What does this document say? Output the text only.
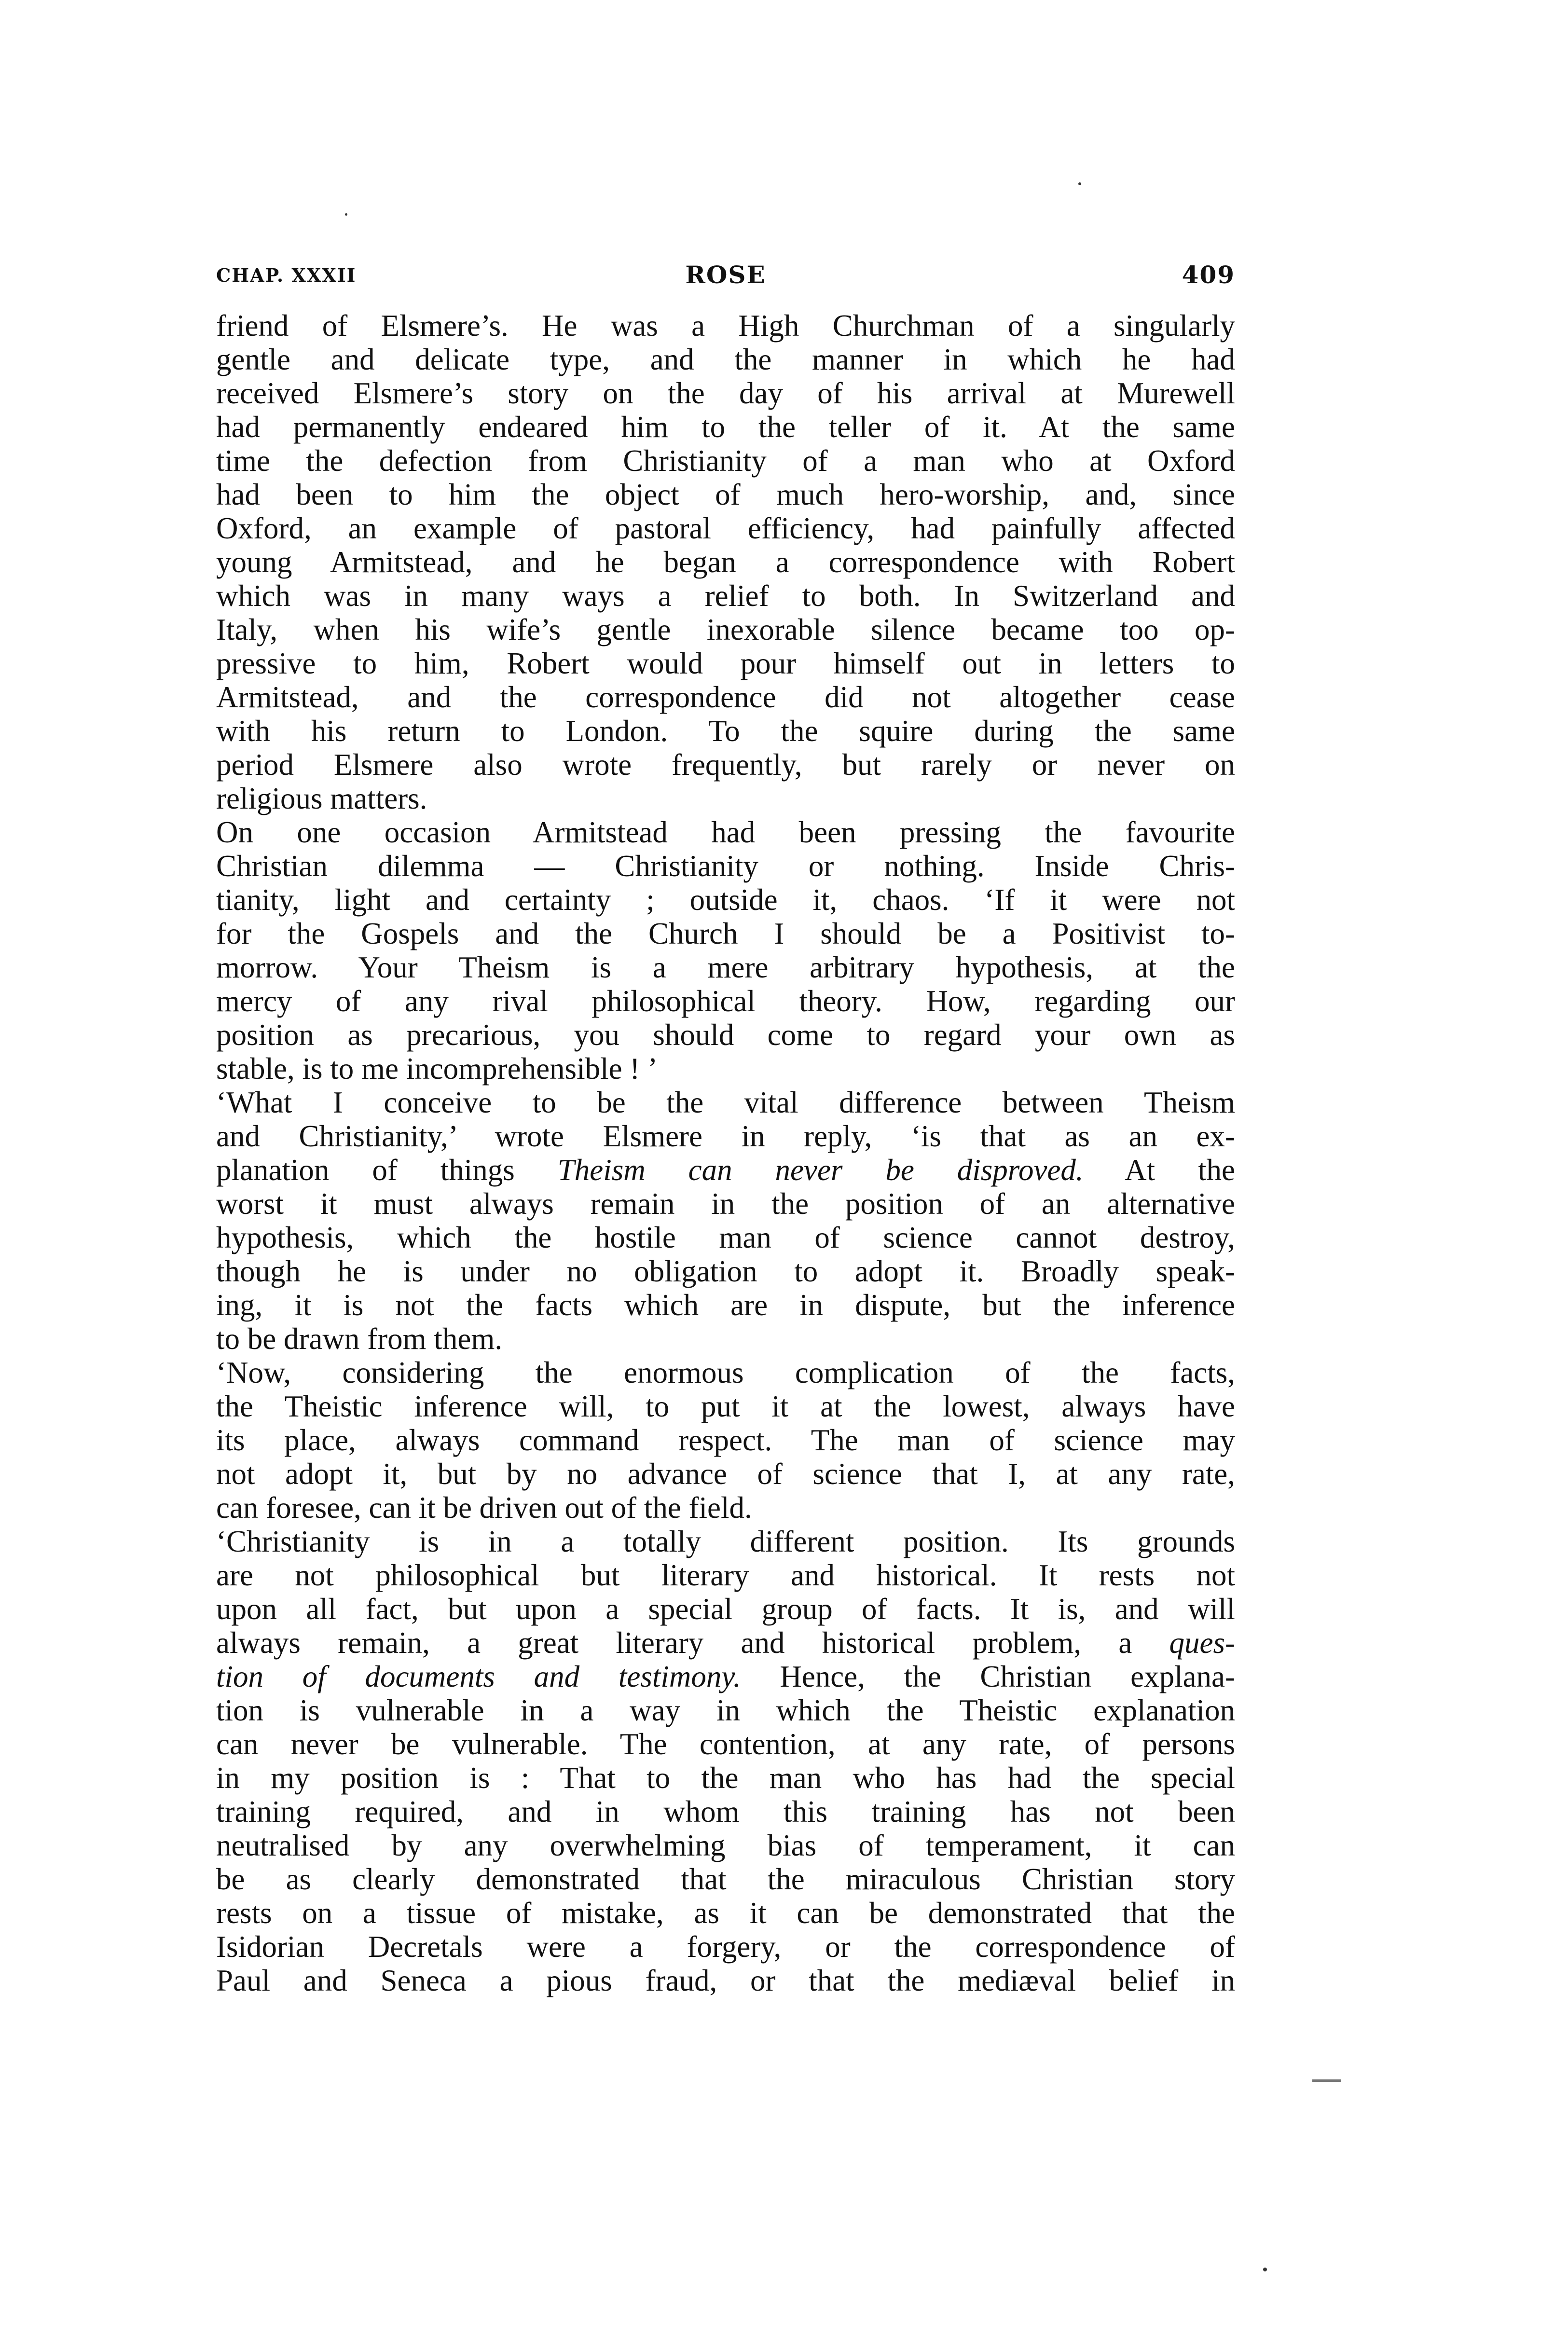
CHAP. XXXII	ROSE	409
friend of Elsmere’s. He was a High Churchman of a singularly
gentle and delicate type, and the manner in which he had
received Elsmere’s story on the day of his arrival at Murewell
had permanently endeared him to the teller of it. At the same
time the defection from Christianity of a man who at Oxford
had been to him the object of much hero-worship, and, since
Oxford, an example of pastoral efficiency, had painfully affected
young Armitstead, and he began a correspondence with Robert
which was in many ways a relief to both. In Switzerland and
Italy, when his wife’s gentle inexorable silence became too op-
pressive to him, Robert would pour himself out in letters to
Armitstead, and the correspondence did not altogether cease
with his return to London. To the squire during the same
period Elsmere also wrote frequently, but rarely or never on
religious matters.
On one occasion Armitstead had been pressing the favourite
Christian dilemma — Christianity or nothing. Inside Chris-
tianity, light and certainty ; outside it, chaos. ‘If it were not
for the Gospels and the Church I should be a Positivist to-
morrow. Your Theism is a mere arbitrary hypothesis, at the
mercy of any rival philosophical theory. How, regarding our
position as precarious, you should come to regard your own as
stable, is to me incomprehensible ! ’
‘What I conceive to be the vital difference between Theism
and Christianity,’ wrote Elsmere in reply, ‘is that as an ex-
planation of things Theism can never be disproved. At the
worst it must always remain in the position of an alternative
hypothesis, which the hostile man of science cannot destroy,
though he is under no obligation to adopt it. Broadly speak-
ing, it is not the facts which are in dispute, but the inference
to be drawn from them.
‘Now, considering the enormous complication of the facts,
the Theistic inference will, to put it at the lowest, always have
its place, always command respect. The man of science may
not adopt it, but by no advance of science that I, at any rate,
can foresee, can it be driven out of the field.
‘Christianity is in a totally different position. Its grounds
are not philosophical but literary and historical. It rests not
upon all fact, but upon a special group of facts. It is, and will
always remain, a great literary and historical problem, a ques-
tion of documents and testimony. Hence, the Christian explana-
tion is vulnerable in a way in which the Theistic explanation
can never be vulnerable. The contention, at any rate, of persons
in my position is : That to the man who has had the special
training required, and in whom this training has not been
neutralised by any overwhelming bias of temperament, it can
be as clearly demonstrated that the miraculous Christian story
rests on a tissue of mistake, as it can be demonstrated that the
Isidorian Decretals were a forgery, or the correspondence of
Paul and Seneca a pious fraud, or that the mediæval belief in
